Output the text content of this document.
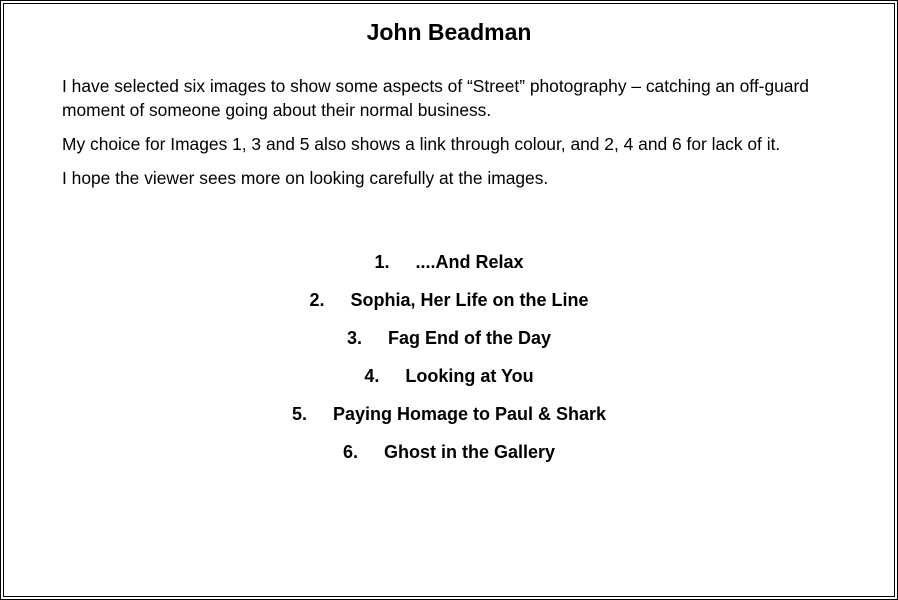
John Beadman

I have selected six images to show some aspects of “Street” photography – catching an off-guard moment of someone going about their normal business.

My choice for Images 1, 3 and 5 also shows a link through colour, and 2, 4 and 6 for lack of it.

I hope the viewer sees more on looking carefully at the images.

1. ....And Relax
2. Sophia, Her Life on the Line
3. Fag End of the Day
4. Looking at You
5. Paying Homage to Paul & Shark
6. Ghost in the Gallery
